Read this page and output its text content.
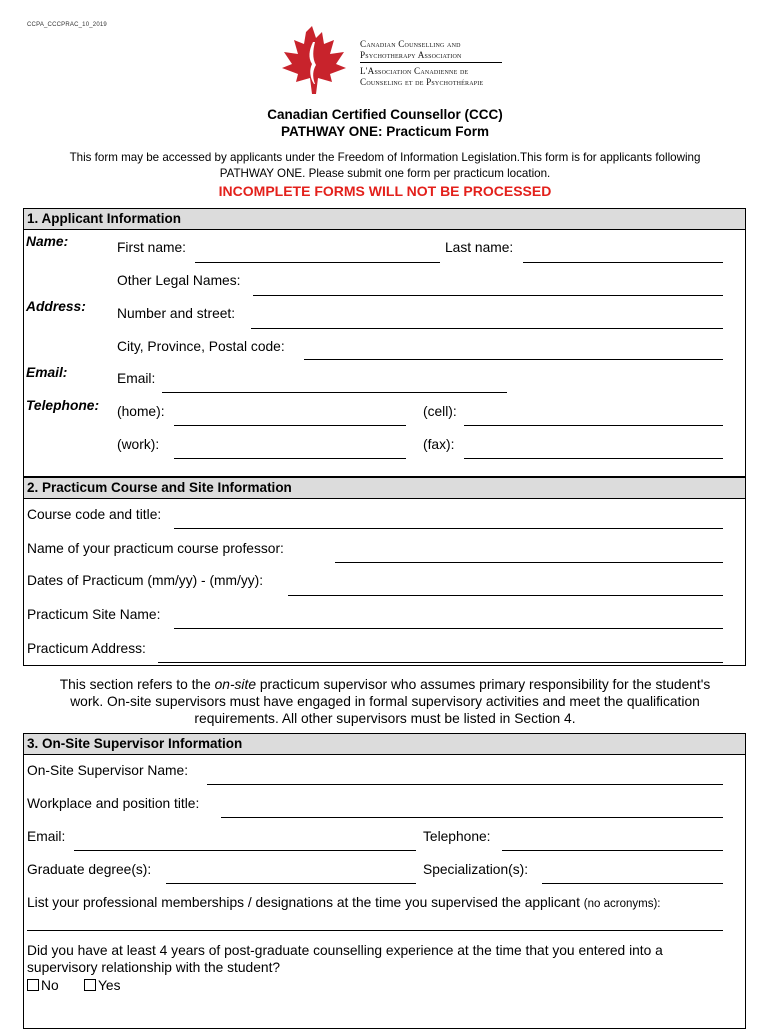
CCPA_CCCPRAC_10_2019
Canadian Counselling and
Psychotherapy Association
L'Association Canadienne de
Counseling et de Psychothérapie
Canadian Certified Counsellor (CCC)
PATHWAY ONE: Practicum Form
This form may be accessed by applicants under the Freedom of Information Legislation.This form is for applicants following
PATHWAY ONE. Please submit one form per practicum location.
INCOMPLETE FORMS WILL NOT BE PROCESSED
1. Applicant Information
Name:	First name:	Last name:
Other Legal Names:
Address: Number and street:
City, Province, Postal code:
Email:	Email:
Telephone: (home):	(cell):
(work):	(fax):
2. Practicum Course and Site Information
Course code and title:
Name of your practicum course professor:
Dates of Practicum (mm/yy) - (mm/yy):
Practicum Site Name:
Practicum Address:
This section refers to the on-site practicum supervisor who assumes primary responsibility for the student's
work. On-site supervisors must have engaged in formal supervisory activities and meet the qualification
requirements. All other supervisors must be listed in Section 4.
3. On-Site Supervisor Information
On-Site Supervisor Name:
Workplace and position title:
Email:	Telephone:
Graduate degree(s):	Specialization(s):
List your professional memberships / designations at the time you supervised the applicant (no acronyms):
Did you have at least 4 years of post-graduate counselling experience at the time that you entered into a
supervisory relationship with the student?
No	Yes
